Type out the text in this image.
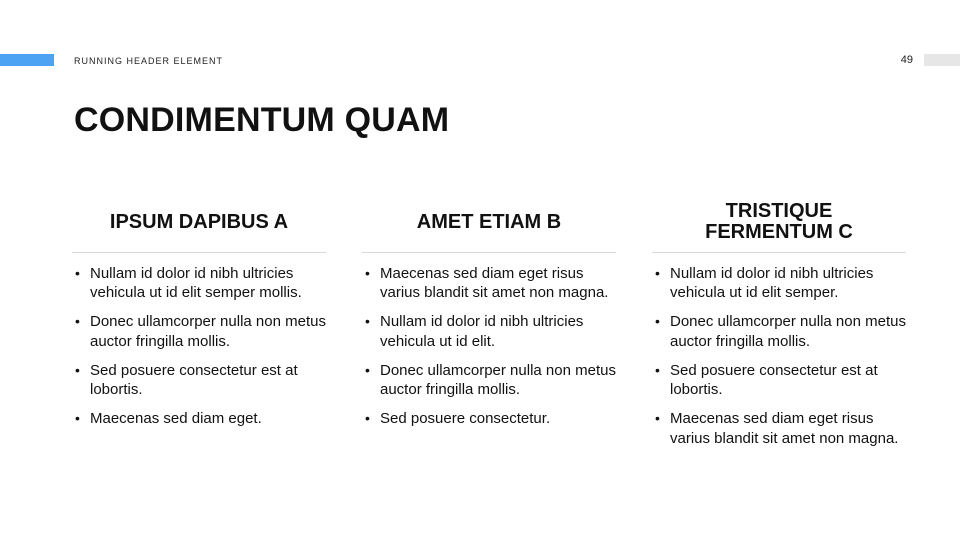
RUNNING HEADER ELEMENT	49
CONDIMENTUM QUAM
IPSUM DAPIBUS A
• Nullam id dolor id nibh ultricies vehicula ut id elit semper mollis.
• Donec ullamcorper nulla non metus auctor fringilla mollis.
• Sed posuere consectetur est at lobortis.
• Maecenas sed diam eget.
AMET ETIAM B
• Maecenas sed diam eget risus varius blandit sit amet non magna.
• Nullam id dolor id nibh ultricies vehicula ut id elit.
• Donec ullamcorper nulla non metus auctor fringilla mollis.
• Sed posuere consectetur.
TRISTIQUE FERMENTUM C
• Nullam id dolor id nibh ultricies vehicula ut id elit semper.
• Donec ullamcorper nulla non metus auctor fringilla mollis.
• Sed posuere consectetur est at lobortis.
• Maecenas sed diam eget risus varius blandit sit amet non magna.
